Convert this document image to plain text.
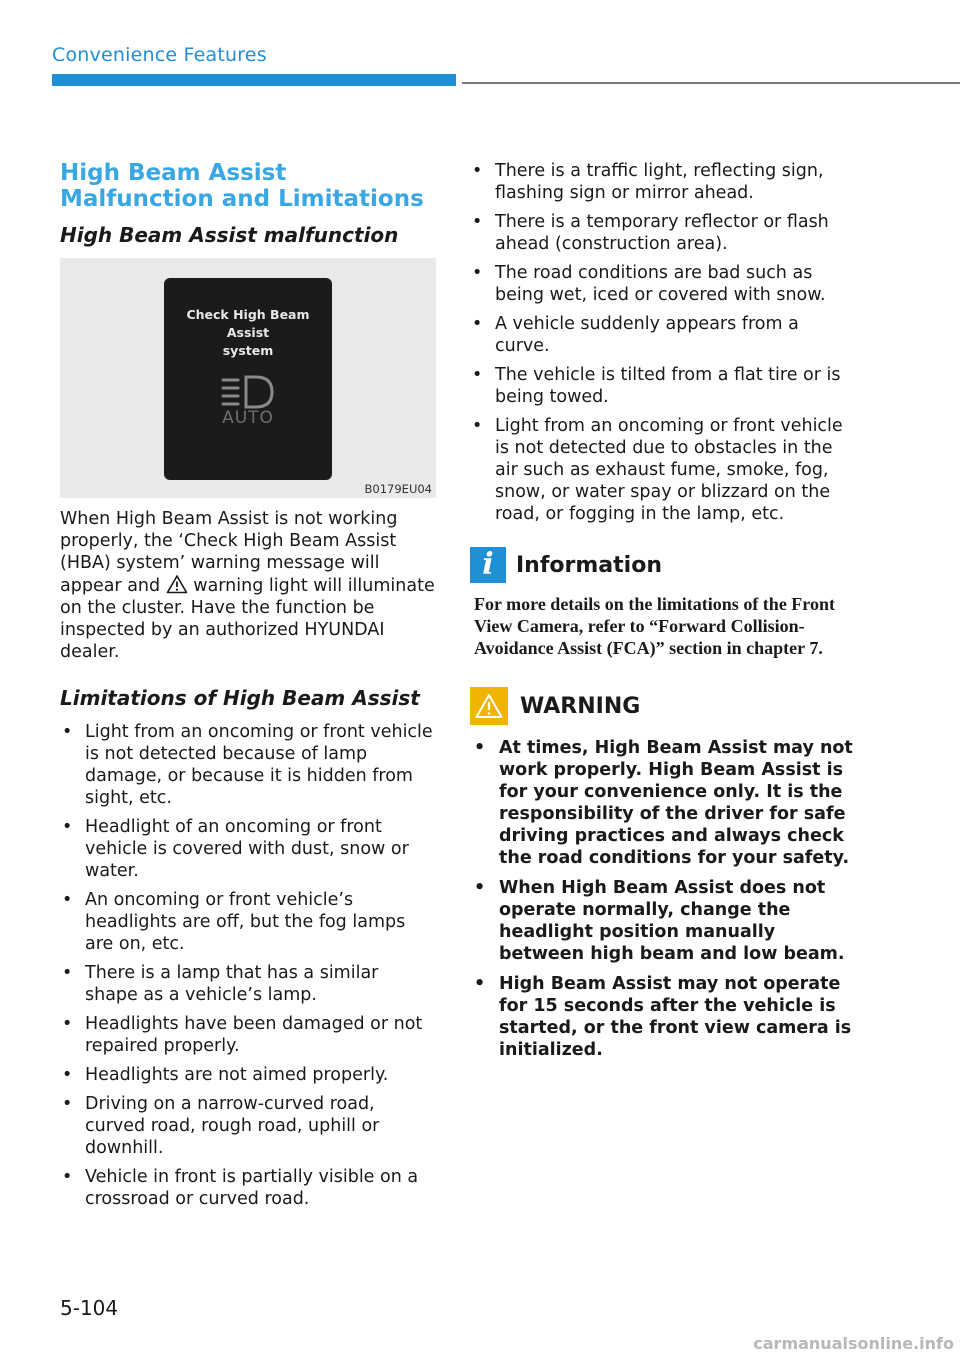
Convenience Features
High Beam Assist Malfunction and Limitations
High Beam Assist malfunction
Check High Beam Assist
system
AUTO
B0179EU04

When High Beam Assist is not working properly, the ‘Check High Beam Assist (HBA) system’ warning message will appear and  warning light will illuminate on the cluster. Have the function be inspected by an authorized HYUNDAI dealer.

Limitations of High Beam Assist
• Light from an oncoming or front vehicle is not detected because of lamp damage, or because it is hidden from sight, etc.
• Headlight of an oncoming or front vehicle is covered with dust, snow or water.
• An oncoming or front vehicle’s headlights are off, but the fog lamps are on, etc.
• There is a lamp that has a similar shape as a vehicle’s lamp.
• Headlights have been damaged or not repaired properly.
• Headlights are not aimed properly.
• Driving on a narrow-curved road, curved road, rough road, uphill or downhill.
• Vehicle in front is partially visible on a crossroad or curved road.
• There is a traffic light, reflecting sign, flashing sign or mirror ahead.
• There is a temporary reflector or flash ahead (construction area).
• The road conditions are bad such as being wet, iced or covered with snow.
• A vehicle suddenly appears from a curve.
• The vehicle is tilted from a flat tire or is being towed.
• Light from an oncoming or front vehicle is not detected due to obstacles in the air such as exhaust fume, smoke, fog, snow, or water spay or blizzard on the road, or fogging in the lamp, etc.
i	Information

For more details on the limitations of the Front View Camera, refer to “Forward Collision-Avoidance Assist (FCA)” section in chapter 7.

WARNING
• At times, High Beam Assist may not work properly. High Beam Assist is for your convenience only. It is the responsibility of the driver for safe driving practices and always check the road conditions for your safety.
• When High Beam Assist does not operate normally, change the headlight position manually between high beam and low beam.
• High Beam Assist may not operate for 15 seconds after the vehicle is started, or the front view camera is initialized.
5-104
carmanualsonline.info
